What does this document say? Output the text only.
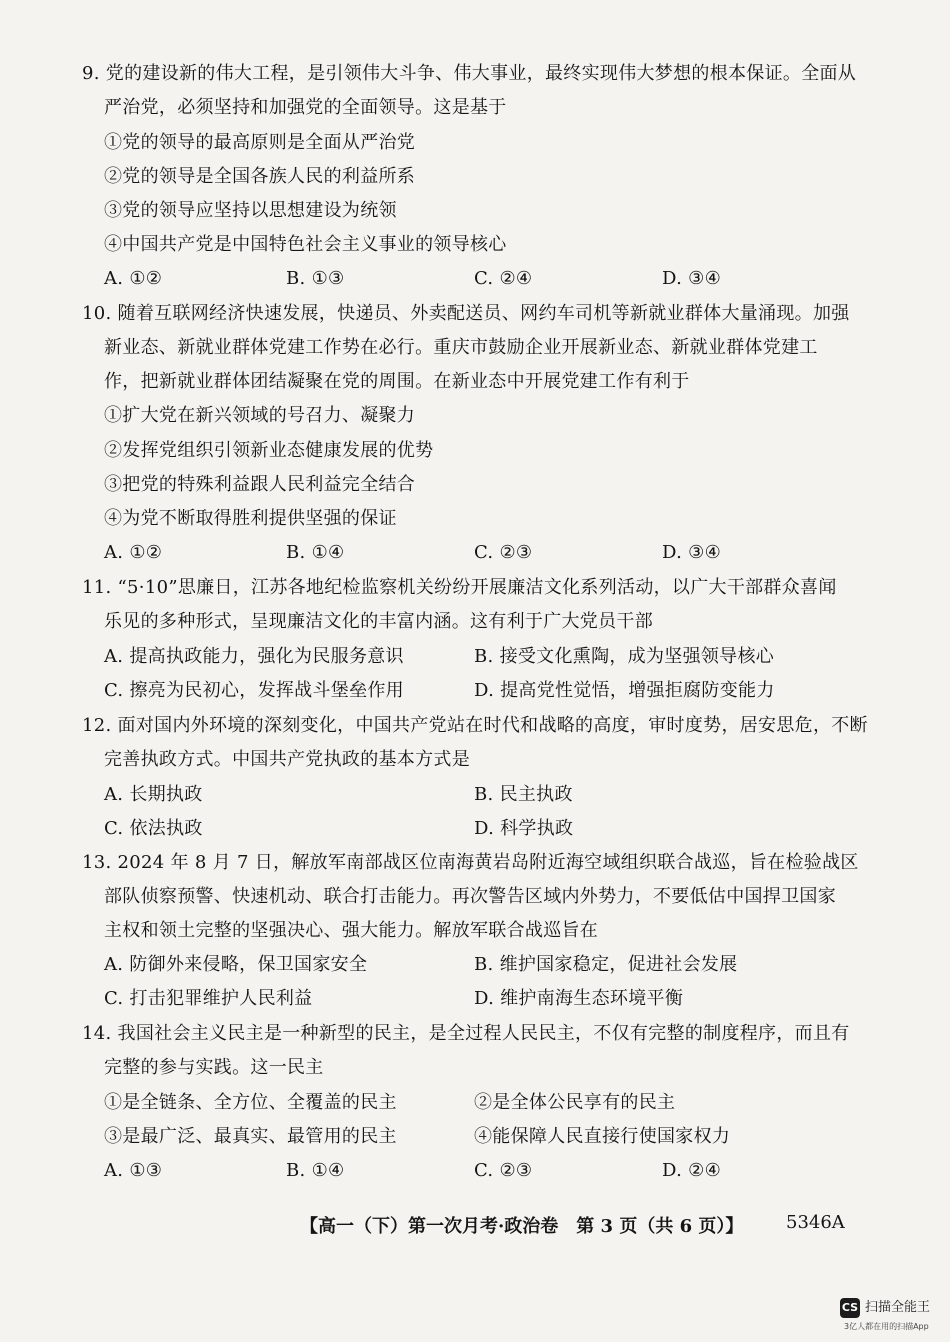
9. 党的建设新的伟大工程，是引领伟大斗争、伟大事业，最终实现伟大梦想的根本保证。全面从
严治党，必须坚持和加强党的全面领导。这是基于
①党的领导的最高原则是全面从严治党
②党的领导是全国各族人民的利益所系
③党的领导应坚持以思想建设为统领
④中国共产党是中国特色社会主义事业的领导核心
A. ①②	B. ①③	C. ②④	D. ③④
10. 随着互联网经济快速发展，快递员、外卖配送员、网约车司机等新就业群体大量涌现。加强
新业态、新就业群体党建工作势在必行。重庆市鼓励企业开展新业态、新就业群体党建工
作，把新就业群体团结凝聚在党的周围。在新业态中开展党建工作有利于
①扩大党在新兴领域的号召力、凝聚力
②发挥党组织引领新业态健康发展的优势
③把党的特殊利益跟人民利益完全结合
④为党不断取得胜利提供坚强的保证
A. ①②	B. ①④	C. ②③	D. ③④
11. “5·10”思廉日，江苏各地纪检监察机关纷纷开展廉洁文化系列活动，以广大干部群众喜闻
乐见的多种形式，呈现廉洁文化的丰富内涵。这有利于广大党员干部
A. 提高执政能力，强化为民服务意识	B. 接受文化熏陶，成为坚强领导核心
C. 擦亮为民初心，发挥战斗堡垒作用	D. 提高党性觉悟，增强拒腐防变能力
12. 面对国内外环境的深刻变化，中国共产党站在时代和战略的高度，审时度势，居安思危，不断
完善执政方式。中国共产党执政的基本方式是
A. 长期执政	B. 民主执政
C. 依法执政	D. 科学执政
13. 2024 年 8 月 7 日，解放军南部战区位南海黄岩岛附近海空域组织联合战巡，旨在检验战区
部队侦察预警、快速机动、联合打击能力。再次警告区域内外势力，不要低估中国捍卫国家
主权和领土完整的坚强决心、强大能力。解放军联合战巡旨在
A. 防御外来侵略，保卫国家安全	B. 维护国家稳定，促进社会发展
C. 打击犯罪维护人民利益	D. 维护南海生态环境平衡
14. 我国社会主义民主是一种新型的民主，是全过程人民民主，不仅有完整的制度程序，而且有
完整的参与实践。这一民主
①是全链条、全方位、全覆盖的民主	②是全体公民享有的民主
③是最广泛、最真实、最管用的民主	④能保障人民直接行使国家权力
A. ①③	B. ①④	C. ②③	D. ②④
【高一（下）第一次月考·政治卷　第 3 页（共 6 页）】 5346A
CS 扫描全能王
3亿人都在用的扫描App
